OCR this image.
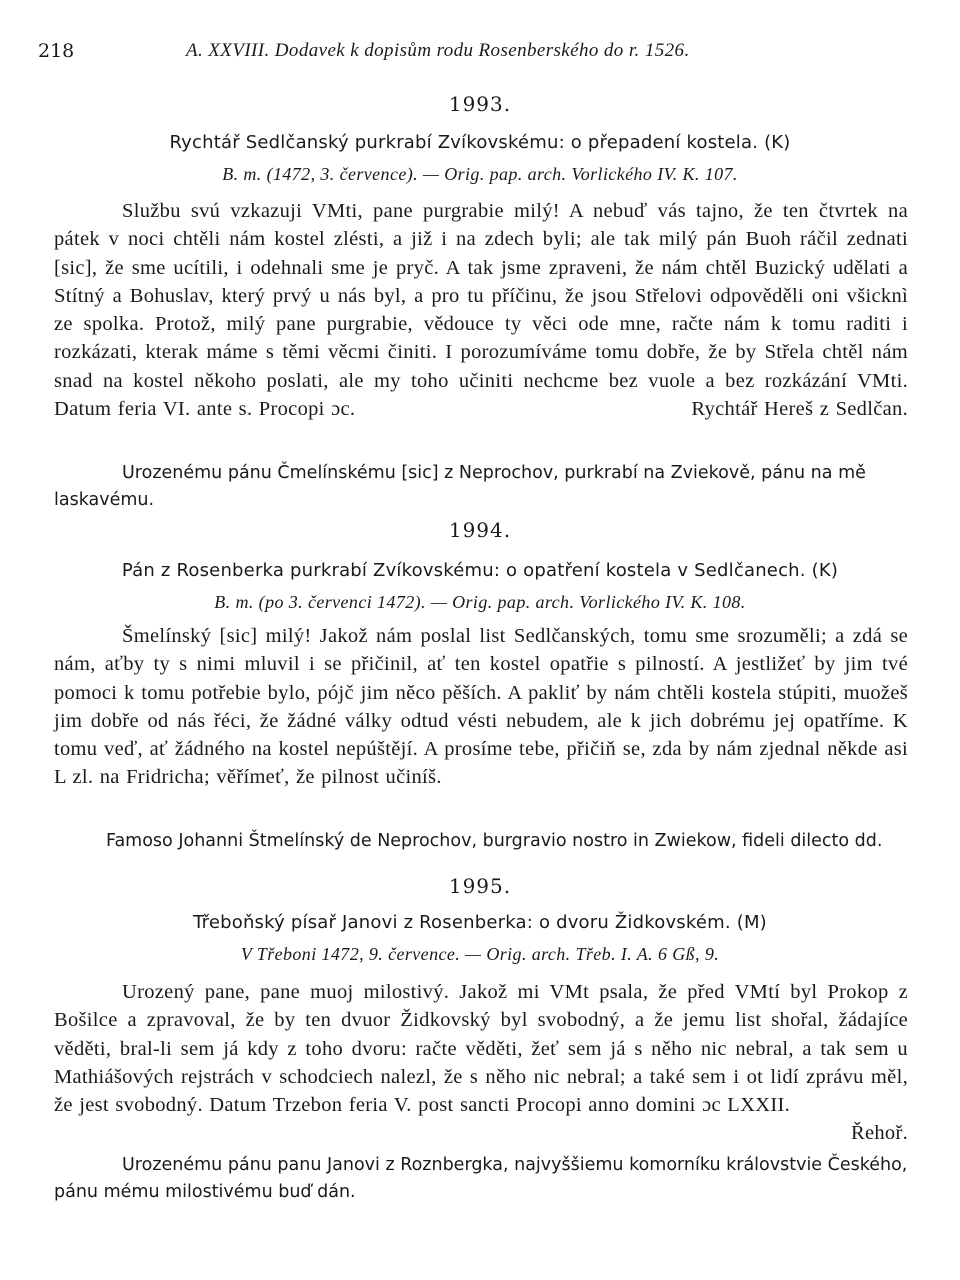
218	A. XXVIII. Dodavek k dopisům rodu Rosenberského do r. 1526.
1993.
Rychtář Sedlčanský purkrabí Zvíkovskému: o přepadení kostela. (K)
B. m. (1472, 3. července). — Orig. pap. arch. Vorlického IV. K. 107.

Službu svú vzkazuji VMti, pane purgrabie milý! A nebuď vás tajno, že ten čtvrtek na pátek v noci chtěli nám kostel zlésti, a již i na zdech byli; ale tak milý pán Buoh ráčil zednati [sic], že sme ucítili, i odehnali sme je pryč. A tak jsme zpraveni, že nám chtěl Buzický udělati a Stítný a Bohuslav, který prvý u nás byl, a pro tu příčinu, že jsou Střelovi odpověděli oni všicknì ze spolka. Protož, milý pane purgrabie, vědouce ty věci ode mne, račte nám k tomu raditi i rozkázati, kterak máme s těmi věcmi činiti. I porozumíváme tomu dobře, že by Střela chtěl nám snad na kostel někoho poslati, ale my toho učiniti nechcme bez vuole a bez rozkázání VMti. Datum feria VI. ante s. Procopi ɔc.	Rychtář Hereš z Sedlčan.

Urozenému pánu Čmelínskému [sic] z Neprochov, purkrabí na Zviekově, pánu na mě laskavému.

1994.
Pán z Rosenberka purkrabí Zvíkovskému: o opatření kostela v Sedlčanech. (K)
B. m. (po 3. červenci 1472). — Orig. pap. arch. Vorlického IV. K. 108.

Šmelínský [sic] milý! Jakož nám poslal list Sedlčanských, tomu sme srozuměli; a zdá se nám, aťby ty s nimi mluvil i se přičinil, ať ten kostel opatřie s pilností. A jestližeť by jim tvé pomoci k tomu potřebie bylo, pójč jim něco pěších. A pakliť by nám chtěli kostela stúpiti, muožeš jim dobře od nás řéci, že žádné války odtud vésti nebudem, ale k jich dobrému jej opatříme. K tomu veď, ať žádného na kostel nepúštějí. A prosíme tebe, přičiň se, zda by nám zjednal někde asi L zl. na Fridricha; věřímeť, že pilnost učiníš.

Famoso Johanni Štmelínský de Neprochov, burgravio nostro in Zwiekow, fideli dilecto dd.

1995.
Třeboňský písař Janovi z Rosenberka: o dvoru Židkovském. (M)
V Třeboni 1472, 9. července. — Orig. arch. Třeb. I. A. 6 Gß, 9.

Urozený pane, pane muoj milostivý. Jakož mi VMt psala, že před VMtí byl Prokop z Bošilce a zpravoval, že by ten dvuor Židkovský byl svobodný, a že jemu list shořal, žádajíce věděti, bral-li sem já kdy z toho dvoru: račte věděti, žeť sem já s něho nic nebral, a tak sem u Mathiášových rejstrách v schodciech nalezl, že s něho nic nebral; a také sem i ot lidí zprávu měl, že jest svobodný. Datum Trzebon feria V. post sancti Procopi anno domini ɔc LXXII.
Řehoř.

Urozenému pánu panu Janovi z Roznbergka, najvyššiemu komorníku královstvie Českého, pánu mému milostivému buď dán.
